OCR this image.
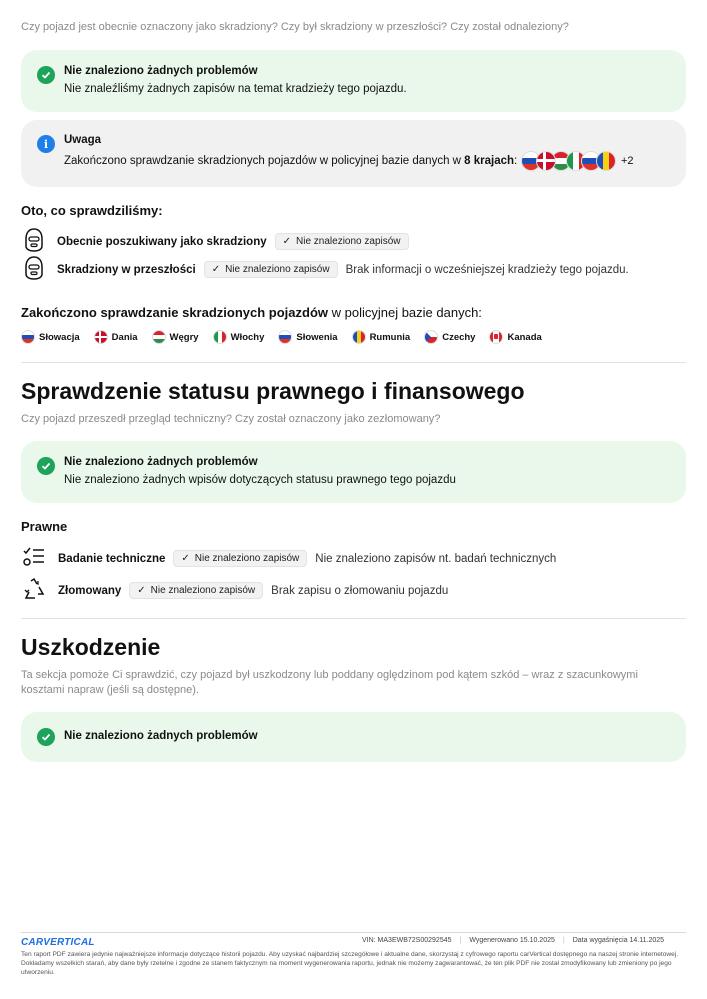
Czy pojazd jest obecnie oznaczony jako skradziony? Czy był skradziony w przeszłości? Czy został odnaleziony?
Nie znaleziono żadnych problemów
Nie znaleźliśmy żadnych zapisów na temat kradzieży tego pojazdu.
i Uwaga
Zakończono sprawdzanie skradzionych pojazdów w policyjnej bazie danych w 8 krajach:	+2
Oto, co sprawdziliśmy:
Obecnie poszukiwany jako skradziony ✓ Nie znaleziono zapisów
Skradziony w przeszłości ✓ Nie znaleziono zapisów Brak informacji o wcześniejszej kradzieży tego pojazdu.
Zakończono sprawdzanie skradzionych pojazdów w policyjnej bazie danych:
Słowacja	Dania	Węgry	Włochy	Słowenia	Rumunia	Czechy	Kanada
Sprawdzenie statusu prawnego i finansowego
Czy pojazd przeszedł przegląd techniczny? Czy został oznaczony jako zezłomowany?
Nie znaleziono żadnych problemów
Nie znaleziono żadnych wpisów dotyczących statusu prawnego tego pojazdu
Prawne
Badanie techniczne ✓ Nie znaleziono zapisów Nie znaleziono zapisów nt. badań technicznych
Złomowany ✓ Nie znaleziono zapisów Brak zapisu o złomowaniu pojazdu
Uszkodzenie
Ta sekcja pomoże Ci sprawdzić, czy pojazd był uszkodzony lub poddany oględzinom pod kątem szkód – wraz z szacunkowymi kosztami napraw (jeśli są dostępne).
Nie znaleziono żadnych problemów
CARVERTICAL	VIN: MA3EWB72S00292545 | Wygenerowano 15.10.2025 | Data wygaśnięcia 14.11.2025
Ten raport PDF zawiera jedynie najważniejsze informacje dotyczące historii pojazdu. Aby uzyskać najbardziej szczegółowe i aktualne dane, skorzystaj z cyfrowego raportu carVertical dostępnego na naszej stronie internetowej. Dokładamy wszelkich starań, aby dane były rzetelne i zgodne ze stanem faktycznym na moment wygenerowania raportu, jednak nie możemy zagwarantować, że ten plik PDF nie został zmodyfikowany lub zmieniony po jego utworzeniu.
